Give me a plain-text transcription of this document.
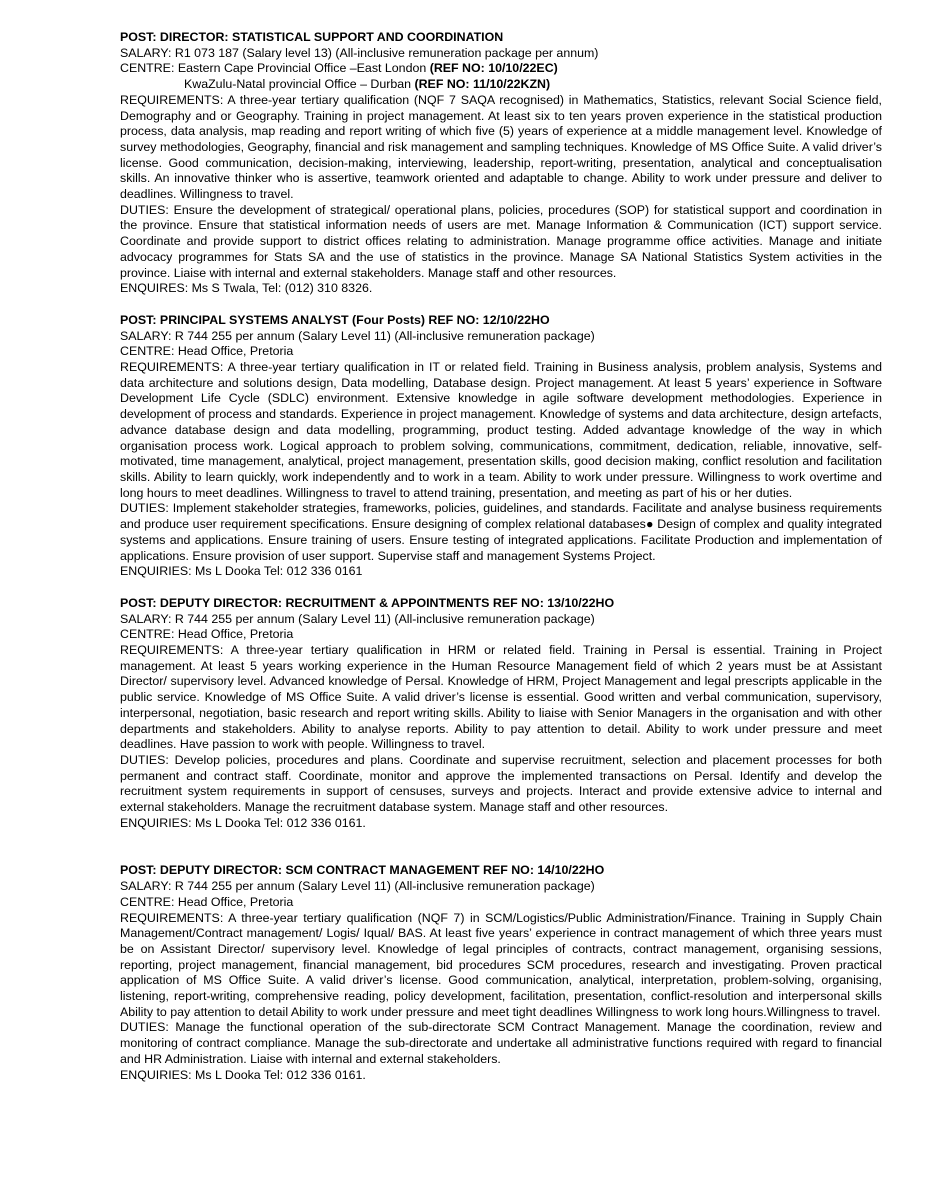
POST: DIRECTOR: STATISTICAL SUPPORT AND COORDINATION
SALARY: R1 073 187 (Salary level 13) (All-inclusive remuneration package per annum)
CENTRE: Eastern Cape Provincial Office –East London (REF NO: 10/10/22EC)
KwaZulu-Natal provincial Office – Durban (REF NO: 11/10/22KZN)
REQUIREMENTS: A three-year tertiary qualification (NQF 7 SAQA recognised) in Mathematics, Statistics, relevant Social Science field, Demography and or Geography. Training in project management. At least six to ten years proven experience in the statistical production process, data analysis, map reading and report writing of which five (5) years of experience at a middle management level. Knowledge of survey methodologies, Geography, financial and risk management and sampling techniques. Knowledge of MS Office Suite. A valid driver’s license. Good communication, decision-making, interviewing, leadership, report-writing, presentation, analytical and conceptualisation skills. An innovative thinker who is assertive, teamwork oriented and adaptable to change. Ability to work under pressure and deliver to deadlines. Willingness to travel.
DUTIES: Ensure the development of strategical/ operational plans, policies, procedures (SOP) for statistical support and coordination in the province. Ensure that statistical information needs of users are met. Manage Information & Communication (ICT) support service. Coordinate and provide support to district offices relating to administration. Manage programme office activities. Manage and initiate advocacy programmes for Stats SA and the use of statistics in the province. Manage SA National Statistics System activities in the province. Liaise with internal and external stakeholders. Manage staff and other resources.
ENQUIRES: Ms S Twala, Tel: (012) 310 8326.
POST: PRINCIPAL SYSTEMS ANALYST (Four Posts) REF NO: 12/10/22HO
SALARY: R 744 255 per annum (Salary Level 11) (All-inclusive remuneration package)
CENTRE: Head Office, Pretoria
REQUIREMENTS: A three-year tertiary qualification in IT or related field. Training in Business analysis, problem analysis, Systems and data architecture and solutions design, Data modelling, Database design. Project management. At least 5 years’ experience in Software Development Life Cycle (SDLC) environment. Extensive knowledge in agile software development methodologies. Experience in development of process and standards. Experience in project management. Knowledge of systems and data architecture, design artefacts, advance database design and data modelling, programming, product testing. Added advantage knowledge of the way in which organisation process work. Logical approach to problem solving, communications, commitment, dedication, reliable, innovative, self-motivated, time management, analytical, project management, presentation skills, good decision making, conflict resolution and facilitation skills. Ability to learn quickly, work independently and to work in a team. Ability to work under pressure. Willingness to work overtime and long hours to meet deadlines. Willingness to travel to attend training, presentation, and meeting as part of his or her duties.
DUTIES: Implement stakeholder strategies, frameworks, policies, guidelines, and standards. Facilitate and analyse business requirements and produce user requirement specifications. Ensure designing of complex relational databases● Design of complex and quality integrated systems and applications. Ensure training of users. Ensure testing of integrated applications. Facilitate Production and implementation of applications. Ensure provision of user support. Supervise staff and management Systems Project.
ENQUIRIES: Ms L Dooka Tel: 012 336 0161
POST: DEPUTY DIRECTOR: RECRUITMENT & APPOINTMENTS REF NO: 13/10/22HO
SALARY: R 744 255 per annum (Salary Level 11) (All-inclusive remuneration package)
CENTRE: Head Office, Pretoria
REQUIREMENTS: A three-year tertiary qualification in HRM or related field. Training in Persal is essential. Training in Project management. At least 5 years working experience in the Human Resource Management field of which 2 years must be at Assistant Director/ supervisory level. Advanced knowledge of Persal. Knowledge of HRM, Project Management and legal prescripts applicable in the public service. Knowledge of MS Office Suite. A valid driver’s license is essential. Good written and verbal communication, supervisory, interpersonal, negotiation, basic research and report writing skills. Ability to liaise with Senior Managers in the organisation and with other departments and stakeholders. Ability to analyse reports. Ability to pay attention to detail. Ability to work under pressure and meet deadlines. Have passion to work with people. Willingness to travel.
DUTIES: Develop policies, procedures and plans. Coordinate and supervise recruitment, selection and placement processes for both permanent and contract staff. Coordinate, monitor and approve the implemented transactions on Persal. Identify and develop the recruitment system requirements in support of censuses, surveys and projects. Interact and provide extensive advice to internal and external stakeholders. Manage the recruitment database system. Manage staff and other resources.
ENQUIRIES: Ms L Dooka Tel: 012 336 0161.
POST: DEPUTY DIRECTOR: SCM CONTRACT MANAGEMENT REF NO: 14/10/22HO
SALARY: R 744 255 per annum (Salary Level 11) (All-inclusive remuneration package)
CENTRE: Head Office, Pretoria
REQUIREMENTS: A three-year tertiary qualification (NQF 7) in SCM/Logistics/Public Administration/Finance. Training in Supply Chain Management/Contract management/ Logis/ Iqual/ BAS. At least five years’ experience in contract management of which three years must be on Assistant Director/ supervisory level. Knowledge of legal principles of contracts, contract management, organising sessions, reporting, project management, financial management, bid procedures SCM procedures, research and investigating. Proven practical application of MS Office Suite. A valid driver’s license. Good communication, analytical, interpretation, problem-solving, organising, listening, report-writing, comprehensive reading, policy development, facilitation, presentation, conflict-resolution and interpersonal skills Ability to pay attention to detail Ability to work under pressure and meet tight deadlines Willingness to work long hours.Willingness to travel.
DUTIES: Manage the functional operation of the sub-directorate SCM Contract Management. Manage the coordination, review and monitoring of contract compliance. Manage the sub-directorate and undertake all administrative functions required with regard to financial and HR Administration. Liaise with internal and external stakeholders.
ENQUIRIES: Ms L Dooka Tel: 012 336 0161.
